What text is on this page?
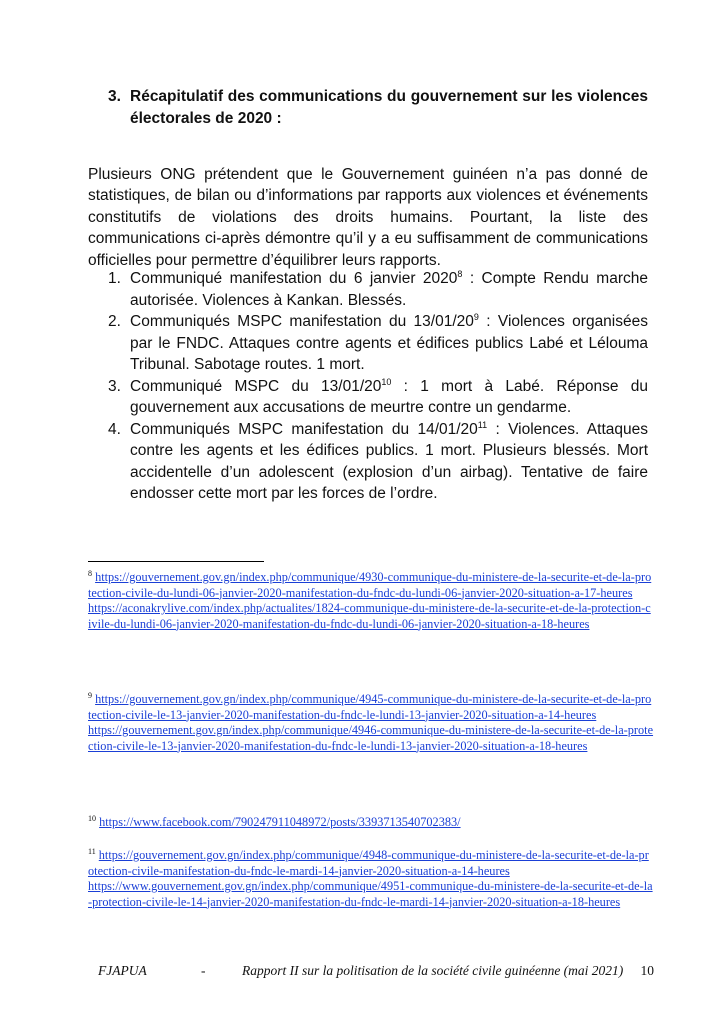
3. Récapitulatif des communications du gouvernement sur les violences électorales de 2020 :

Plusieurs ONG prétendent que le Gouvernement guinéen n’a pas donné de statistiques, de bilan ou d’informations par rapports aux violences et événements constitutifs de violations des droits humains. Pourtant, la liste des communications ci-après démontre qu’il y a eu suffisamment de communications officielles pour permettre d’équilibrer leurs rapports.

1. Communiqué manifestation du 6 janvier 2020$^8$ : Compte Rendu marche autorisée. Violences à Kankan. Blessés.
2. Communiqués MSPC manifestation du $13/01/20^9$ : Violences organisées par le FNDC. Attaques contre agents et édifices publics Labé et Lélouma Tribunal. Sabotage routes. 1 mort.
3. Communiqué MSPC du $13/01/20^{10}$ : 1 mort à Labé. Réponse du gouvernement aux accusations de meurtre contre un gendarme.
4. Communiqués MSPC manifestation du $14/01/20^{11}$ : Violences. Attaques contre les agents et les édifices publics. 1 mort. Plusieurs blessés. Mort accidentelle d’un adolescent (explosion d’un airbag). Tentative de faire endosser cette mort par les forces de l’ordre.
$^8$ https://gouvernement.gov.gn/index.php/communique/4930-communique-du-ministere-de-la-securite-et-de-la-protection-civile-du-lundi-06-janvier-2020-manifestation-du-fndc-du-lundi-06-janvier-2020-situation-a-17-heures
https://aconakrylive.com/index.php/actualites/1824-communique-du-ministere-de-la-securite-et-de-la-protection-civile-du-lundi-06-janvier-2020-manifestation-du-fndc-du-lundi-06-janvier-2020-situation-a-18-heures
$^9$ https://gouvernement.gov.gn/index.php/communique/4945-communique-du-ministere-de-la-securite-et-de-la-protection-civile-le-13-janvier-2020-manifestation-du-fndc-le-lundi-13-janvier-2020-situation-a-14-heures
https://gouvernement.gov.gn/index.php/communique/4946-communique-du-ministere-de-la-securite-et-de-la-protection-civile-le-13-janvier-2020-manifestation-du-fndc-le-lundi-13-janvier-2020-situation-a-18-heures
$^{10}$ https://www.facebook.com/790247911048972/posts/3393713540702383/
$^{11}$ https://gouvernement.gov.gn/index.php/communique/4948-communique-du-ministere-de-la-securite-et-de-la-protection-civile-manifestation-du-fndc-le-mardi-14-janvier-2020-situation-a-14-heures
https://www.gouvernement.gov.gn/index.php/communique/4951-communique-du-ministere-de-la-securite-et-de-la-protection-civile-le-14-janvier-2020-manifestation-du-fndc-le-mardi-14-janvier-2020-situation-a-18-heures
FJAPUA	-	Rapport II sur la politisation de la société civile guinéenne (mai 2021) 10
